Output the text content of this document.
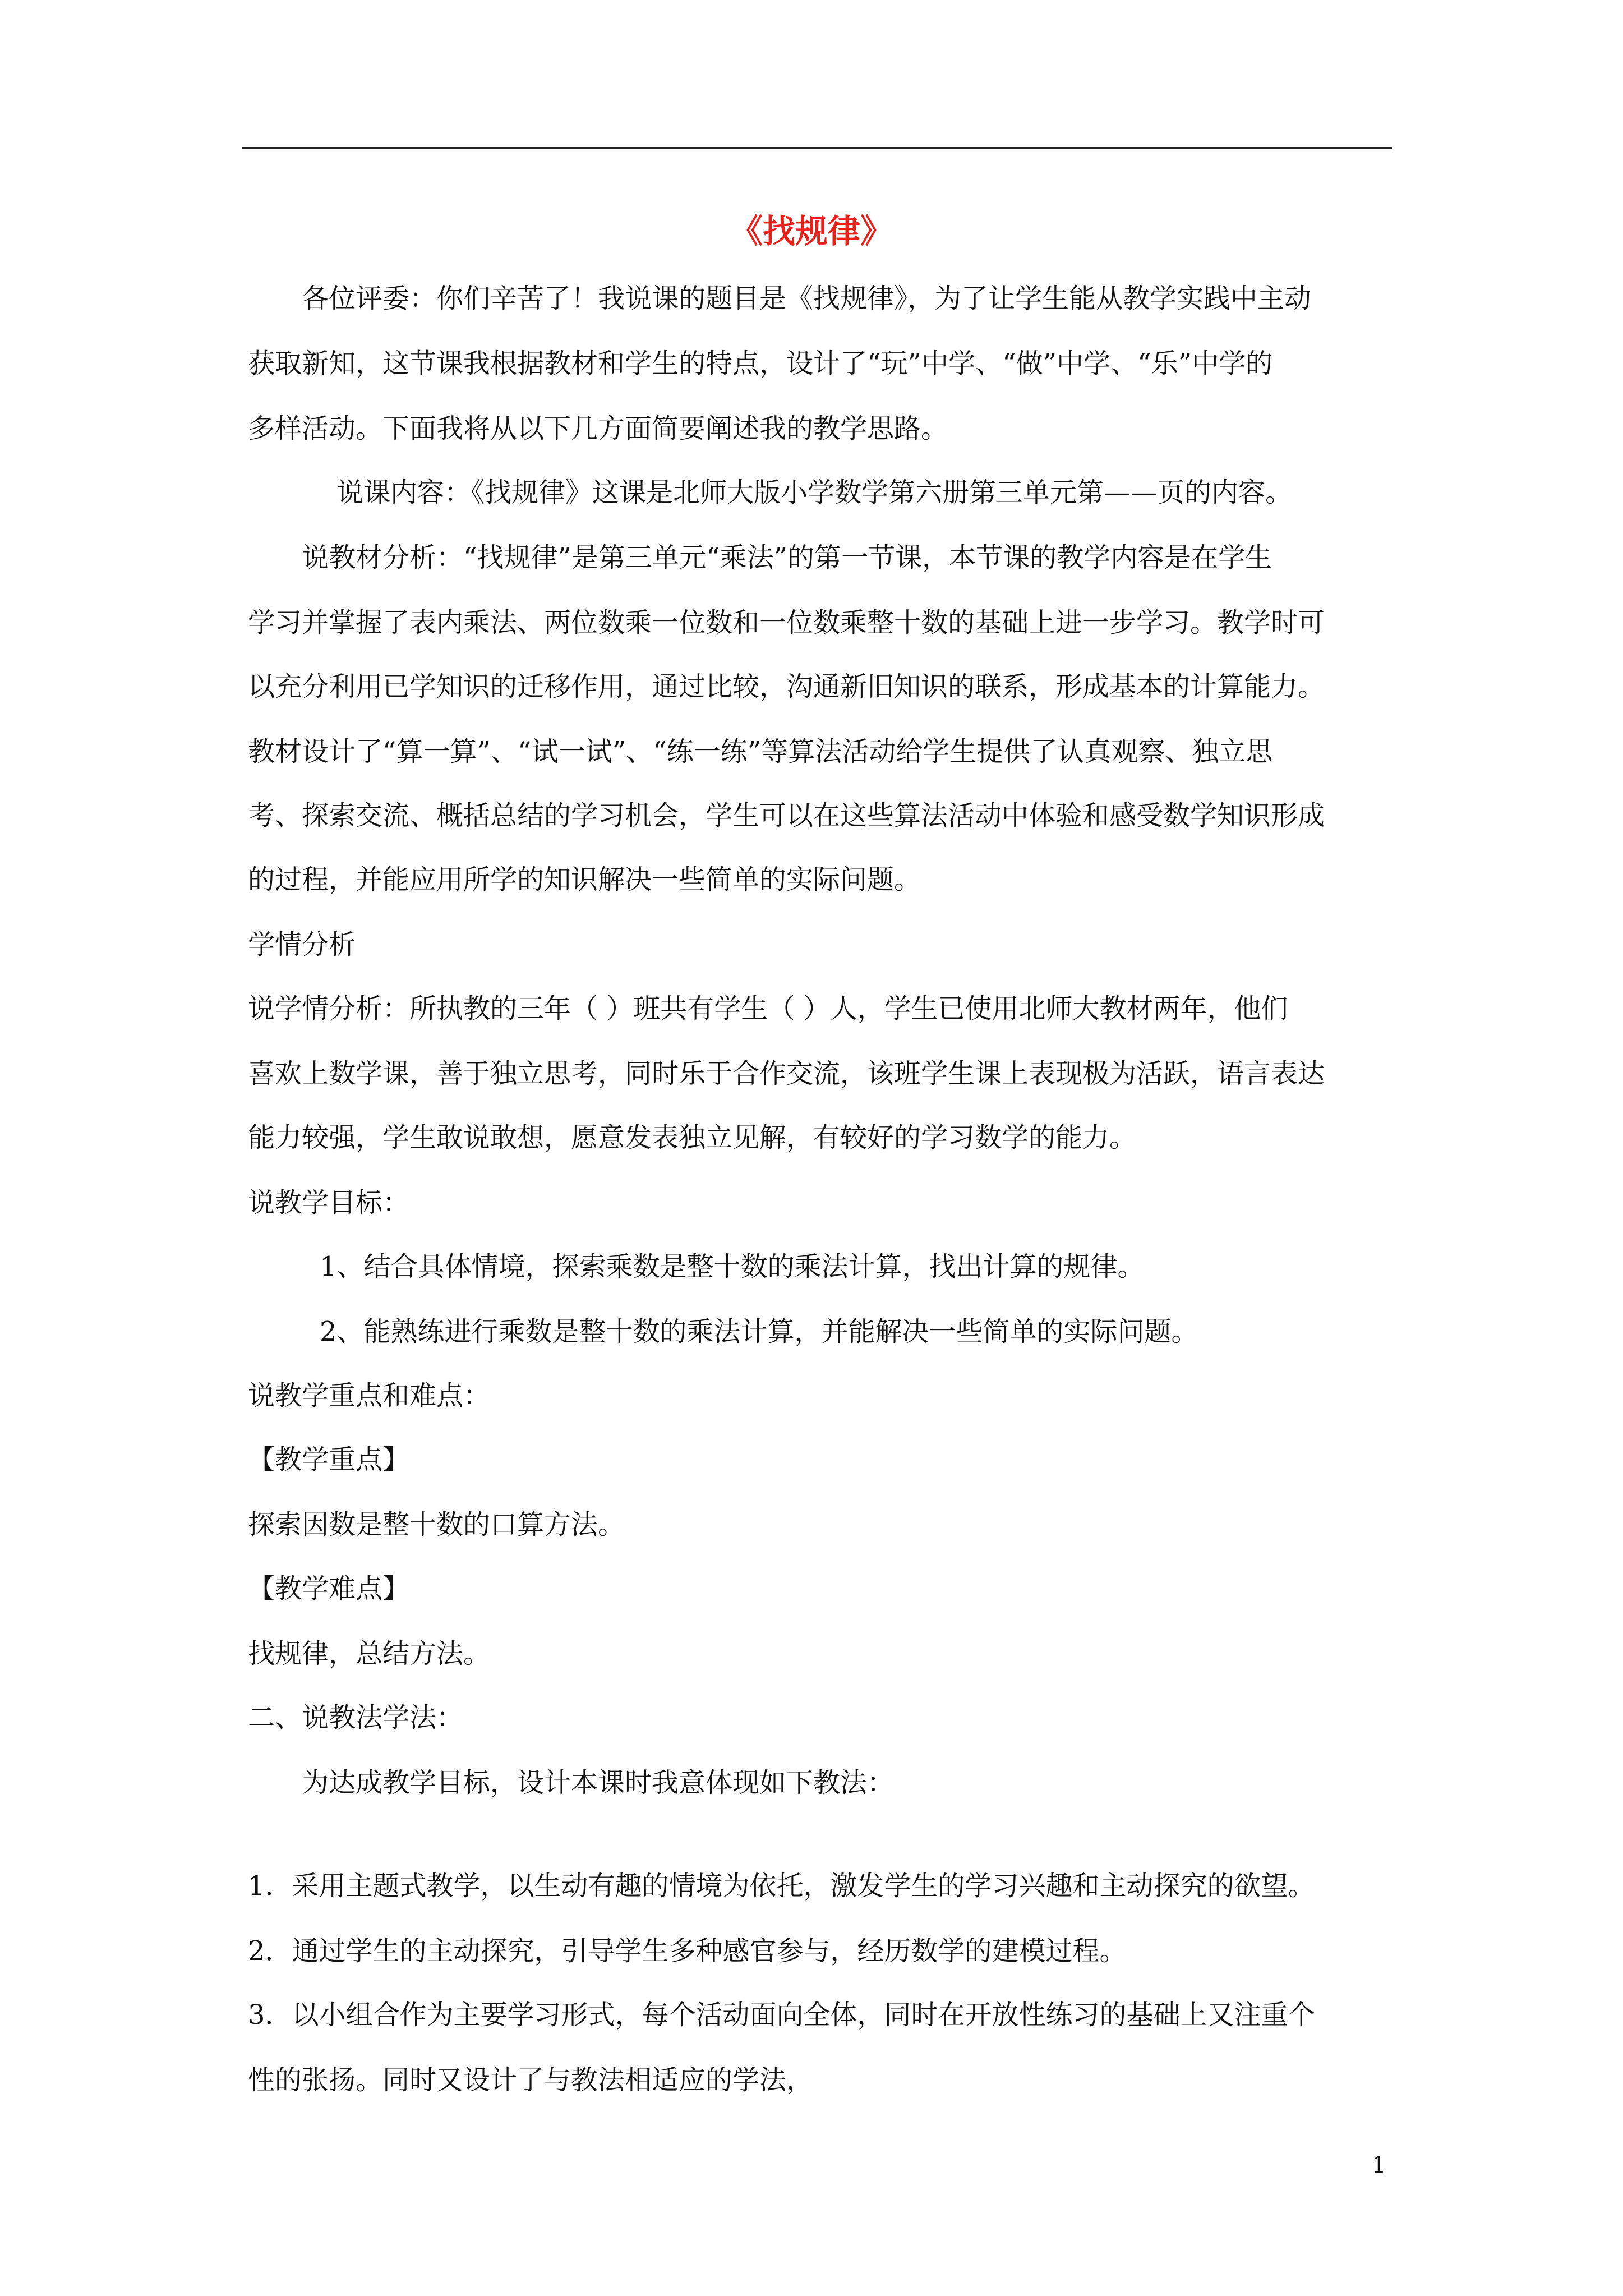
《找规律》
各位评委：你们辛苦了！我说课的题目是《找规律》，为了让学生能从教学实践中主动
获取新知，这节课我根据教材和学生的特点，设计了“玩”中学、“做”中学、“乐”中学的
多样活动。下面我将从以下几方面简要阐述我的教学思路。
说课内容：《找规律》这课是北师大版小学数学第六册第三单元第——页的内容。
说教材分析：“找规律”是第三单元“乘法”的第一节课，本节课的教学内容是在学生
学习并掌握了表内乘法、两位数乘一位数和一位数乘整十数的基础上进一步学习。教学时可
以充分利用已学知识的迁移作用，通过比较，沟通新旧知识的联系，形成基本的计算能力。
教材设计了“算一算”、“试一试”、“练一练”等算法活动给学生提供了认真观察、独立思
考、探索交流、概括总结的学习机会，学生可以在这些算法活动中体验和感受数学知识形成
的过程，并能应用所学的知识解决一些简单的实际问题。
学情分析
说学情分析：所执教的三年（ ）班共有学生（ ）人，学生已使用北师大教材两年，他们
喜欢上数学课，善于独立思考，同时乐于合作交流，该班学生课上表现极为活跃，语言表达
能力较强，学生敢说敢想，愿意发表独立见解，有较好的学习数学的能力。
说教学目标：
1、结合具体情境，探索乘数是整十数的乘法计算，找出计算的规律。
2、能熟练进行乘数是整十数的乘法计算，并能解决一些简单的实际问题。
说教学重点和难点：
【教学重点】
探索因数是整十数的口算方法。
【教学难点】
找规律，总结方法。
二、说教法学法：
为达成教学目标，设计本课时我意体现如下教法：
1．采用主题式教学，以生动有趣的情境为依托，激发学生的学习兴趣和主动探究的欲望。
2．通过学生的主动探究，引导学生多种感官参与，经历数学的建模过程。
3．以小组合作为主要学习形式，每个活动面向全体，同时在开放性练习的基础上又注重个
性的张扬。同时又设计了与教法相适应的学法，
1
